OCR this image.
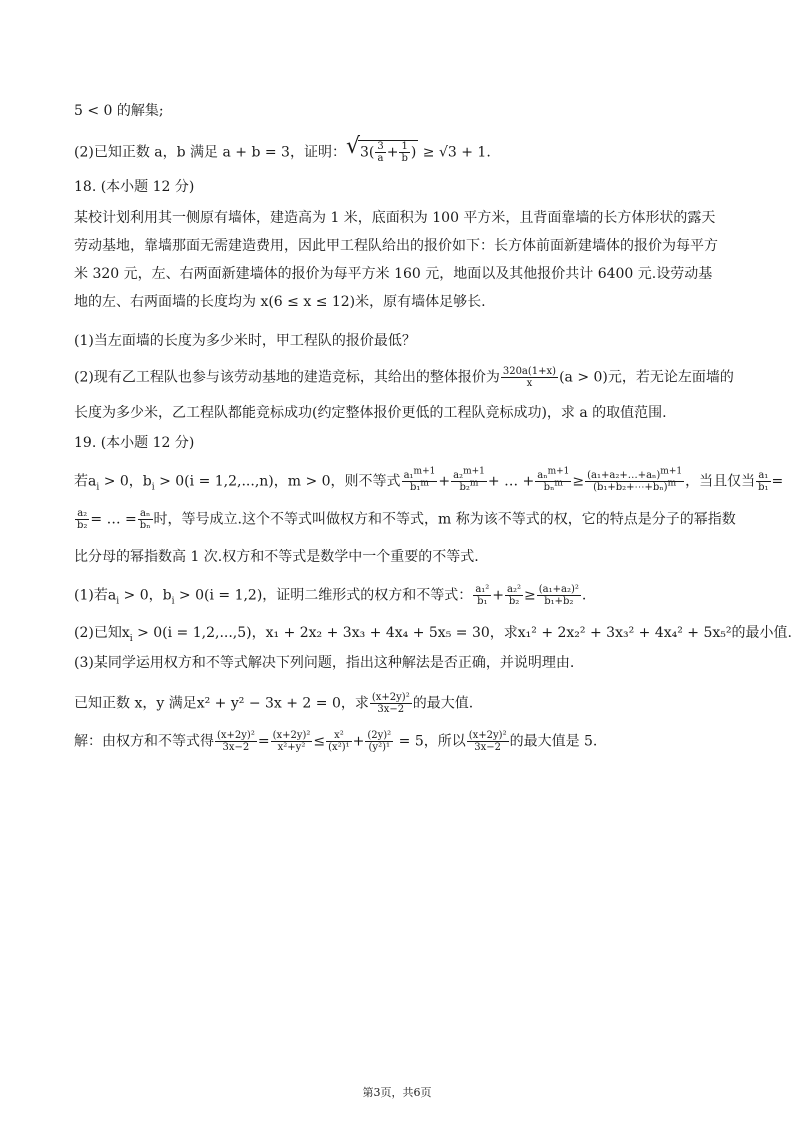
5 < 0 的解集;
(2)已知正数 a，b 满足 a + b = 3，证明： √ $3( \frac{3}{a} + \frac{1}{b}$ ) ≥ √3 + 1.
18. (本小题 12 分)
某校计划利用其一侧原有墙体，建造高为 1 米，底面积为 100 平方米，且背面靠墙的长方体形状的露天劳动基地，靠墙那面无需建造费用，因此甲工程队给出的报价如下：长方体前面新建墙体的报价为每平方米 320 元，左、右两面新建墙体的报价为每平方米 160 元，地面以及其他报价共计 6400 元.设劳动基地的左、右两面墙的长度均为 x(6 ≤ x ≤ 12)米，原有墙体足够长.
(1)当左面墙的长度为多少米时，甲工程队的报价最低？
(2)现有乙工程队也参与该劳动基地的建造竞标，其给出的整体报价为 $\frac{320a(1+x)}{x} (a > 0)$元，若无论左面墙的
长度为多少米，乙工程队都能竞标成功(约定整体报价更低的工程队竞标成功)，求 a 的取值范围.
19. (本小题 12 分)
若$a_i > 0$，$b_i > 0(i = 1,2,...,n)$，m > 0，则不等式 $\frac{a_1^{m+1}}{b_1^m} + \frac{a_2^{m+1}}{b_2^m}$ + … + $\frac{a_n^{m+1}}{b_n^m} \ge \frac{(a_1+a_2+\dots+a_n)^{m+1}}{(b_1+b_2+\cdots+b_n)^m}$ ，当且仅当 $\frac{\text{a₁}}{\text{b₁}}$ =
$\frac{\text{a₂}}{\text{b₂}}$ = … = $\frac{\text{aₙ}}{\text{bₙ}}$ 时，等号成立.这个不等式叫做权方和不等式，m 称为该不等式的权，它的特点是分子的幂指数
比分母的幂指数高 1 次.权方和不等式是数学中一个重要的不等式.
(1)若$a_i > 0$，$b_i > 0(i = 1,2)$，证明二维形式的权方和不等式： $\frac{\text{a₁²}}{\text{b₁}} + \frac{\text{a₂²}}{\text{b₂}} \ge \frac{\text{(a₁+a₂)²}}{\text{b₁+b₂}}$ .
(2)已知$x_i > 0(i = 1,2,...,5)$，x₁ + 2x₂ + 3x₃ + 4x₄ + 5x₅ = 30，求x₁² + 2x₂² + 3x₃² + 4x₄² + 5x₅²的最小值.
(3)某同学运用权方和不等式解决下列问题，指出这种解法是否正确，并说明理由.
已知正数 x，y 满足x² + y² − 3x + 2 = 0，求 $\frac{\text{(x+2y)²}}{3x-2}$ 的最大值.
解：由权方和不等式得 $\frac{\text{(x+2y)²}}{3x-2} = \frac{\text{(x+2y)²}}{\text{x²+y²}} \le \frac{\text{x²}}{\text{(x²)¹}} + \frac{\text{(2y)²}}{\text{(y²)¹}} = 5$，所以 $\frac{\text{(x+2y)²}}{3x-2}$ 的最大值是 5.
第3页，共6页
